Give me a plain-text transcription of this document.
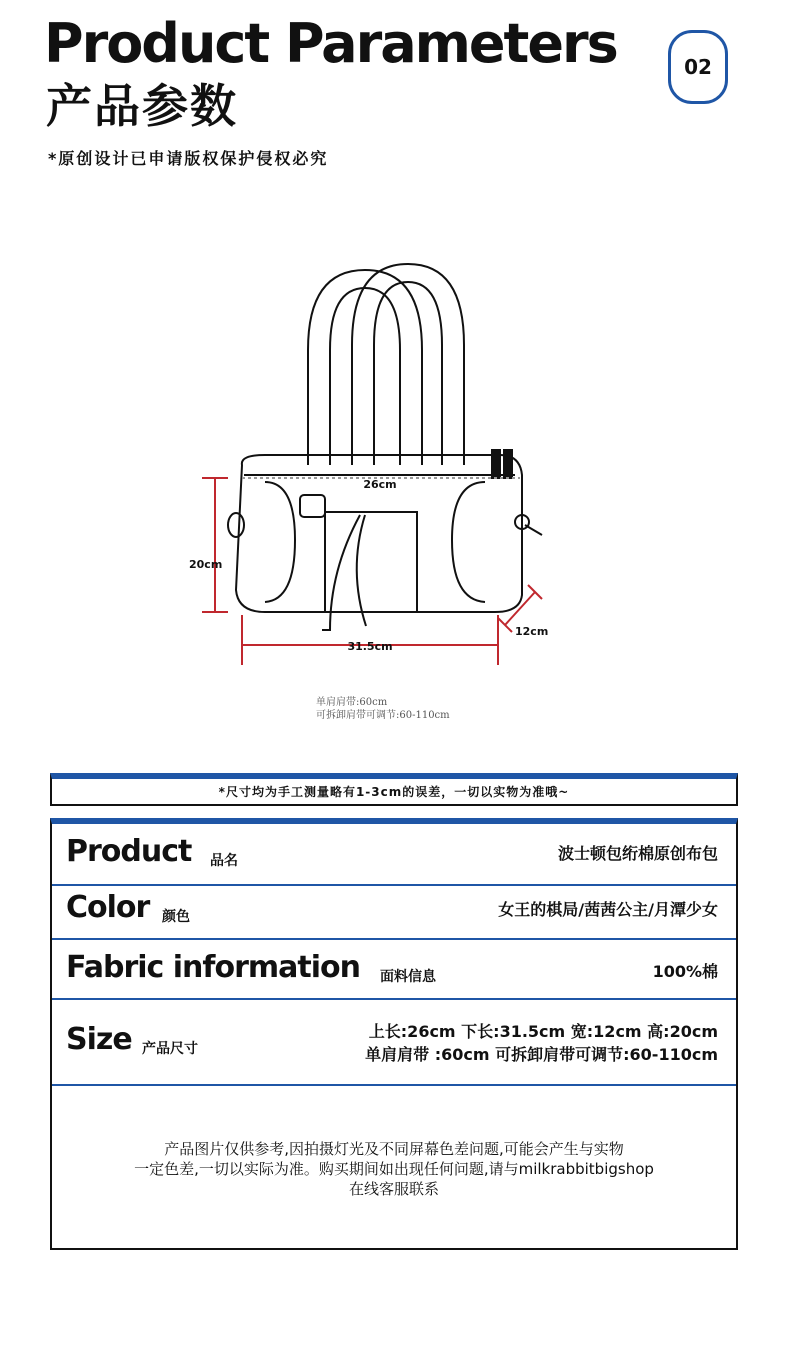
Product Parameters
产品参数
*原创设计已申请版权保护侵权必究
02
26cm
20cm
31.5cm
12cm
单肩肩带:60cm
可拆卸肩带可调节:60-110cm
*尺寸均为手工测量略有1-3cm的误差，一切以实物为准哦~
Product 品名	波士顿包绗棉原创布包
Color 颜色	女王的棋局/茜茜公主/月潭少女
Fabric information 面料信息	100%棉
Size 产品尺寸
上长:26cm 下长:31.5cm 宽:12cm 高:20cm
单肩肩带 :60cm 可拆卸肩带可调节:60-110cm
产品图片仅供参考,因拍摄灯光及不同屏幕色差问题,可能会产生与实物
一定色差,一切以实际为准。购买期间如出现任何问题,请与milkrabbitbigshop
在线客服联系
